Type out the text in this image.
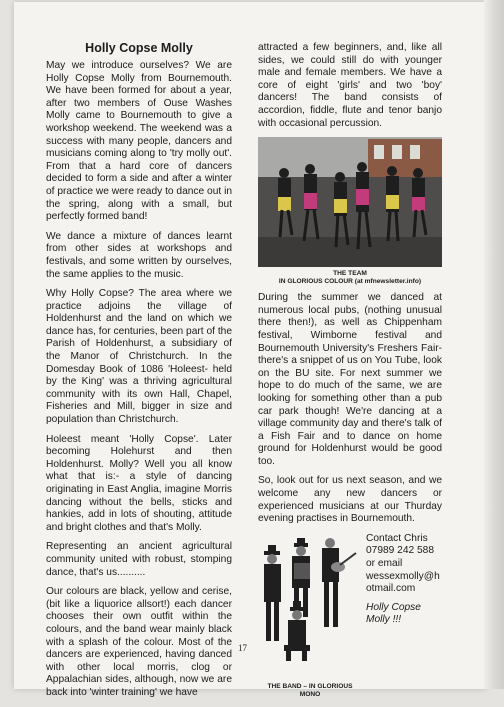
Holly Copse Molly

May we introduce ourselves? We are Holly Copse Molly from Bournemouth. We have been formed for about a year, after two members of Ouse Washes Molly came to Bournemouth to give a workshop weekend. The weekend was a success with many people, dancers and musicians coming along to 'try molly out'. From that a hard core of dancers decided to form a side and after a winter of practice we were ready to dance out in the spring, along with a small, but perfectly formed band!

We dance a mixture of dances learnt from other sides at workshops and festivals, and some written by ourselves, the same applies to the music.

Why Holly Copse? The area where we practice adjoins the village of Holdenhurst and the land on which we dance has, for centuries, been part of the Parish of Holdenhurst, a subsidiary of the Manor of Christchurch. In the Domesday Book of 1086 'Holeest- held by the King' was a thriving agricultural community with its own Hall, Chapel, Fisheries and Mill, bigger in size and population than Christchurch.

Holeest meant 'Holly Copse'. Later becoming Holehurst and then Holdenhurst. Molly? Well you all know what that is:- a style of dancing originating in East Anglia, imagine Morris dancing without the bells, sticks and hankies, add in lots of shouting, attitude and bright clothes and that's Molly.

Representing an ancient agricultural community united with robust, stomping dance, that's us..........

Our colours are black, yellow and cerise, (bit like a liquorice allsort!) each dancer chooses their own outfit within the colours, and the band wear mainly black with a splash of the colour. Most of the dancers are experienced, having danced with other local morris, clog or Appalachian sides, although, now we are back into 'winter training' we have

attracted a few beginners, and, like all sides, we could still do with younger male and female members. We have a core of eight 'girls' and two 'boy' dancers! The band consists of accordion, fiddle, flute and tenor banjo with occasional percussion.

THE TEAM
IN GLORIOUS COLOUR (at mfnewsletter.info)

During the summer we danced at numerous local pubs, (nothing unusual there then!), as well as Chippenham festival, Wimborne festival and Bournemouth University's Freshers Fair-there's a snippet of us on You Tube, look on the BU site. For next summer we hope to do much of the same, we are looking for something other than a pub car park though! We're dancing at a village community day and there's talk of a Fish Fair and to dance on home ground for Holdenhurst would be good too.

So, look out for us next season, and we welcome any new dancers or experienced musicians at our Thurday evening practises in Bournemouth.

THE BAND – IN GLORIOUS
MONO
Contact Chris
07989 242 588
or email
wessexmolly@h
otmail.com
Holly Copse
Molly !!!
17
